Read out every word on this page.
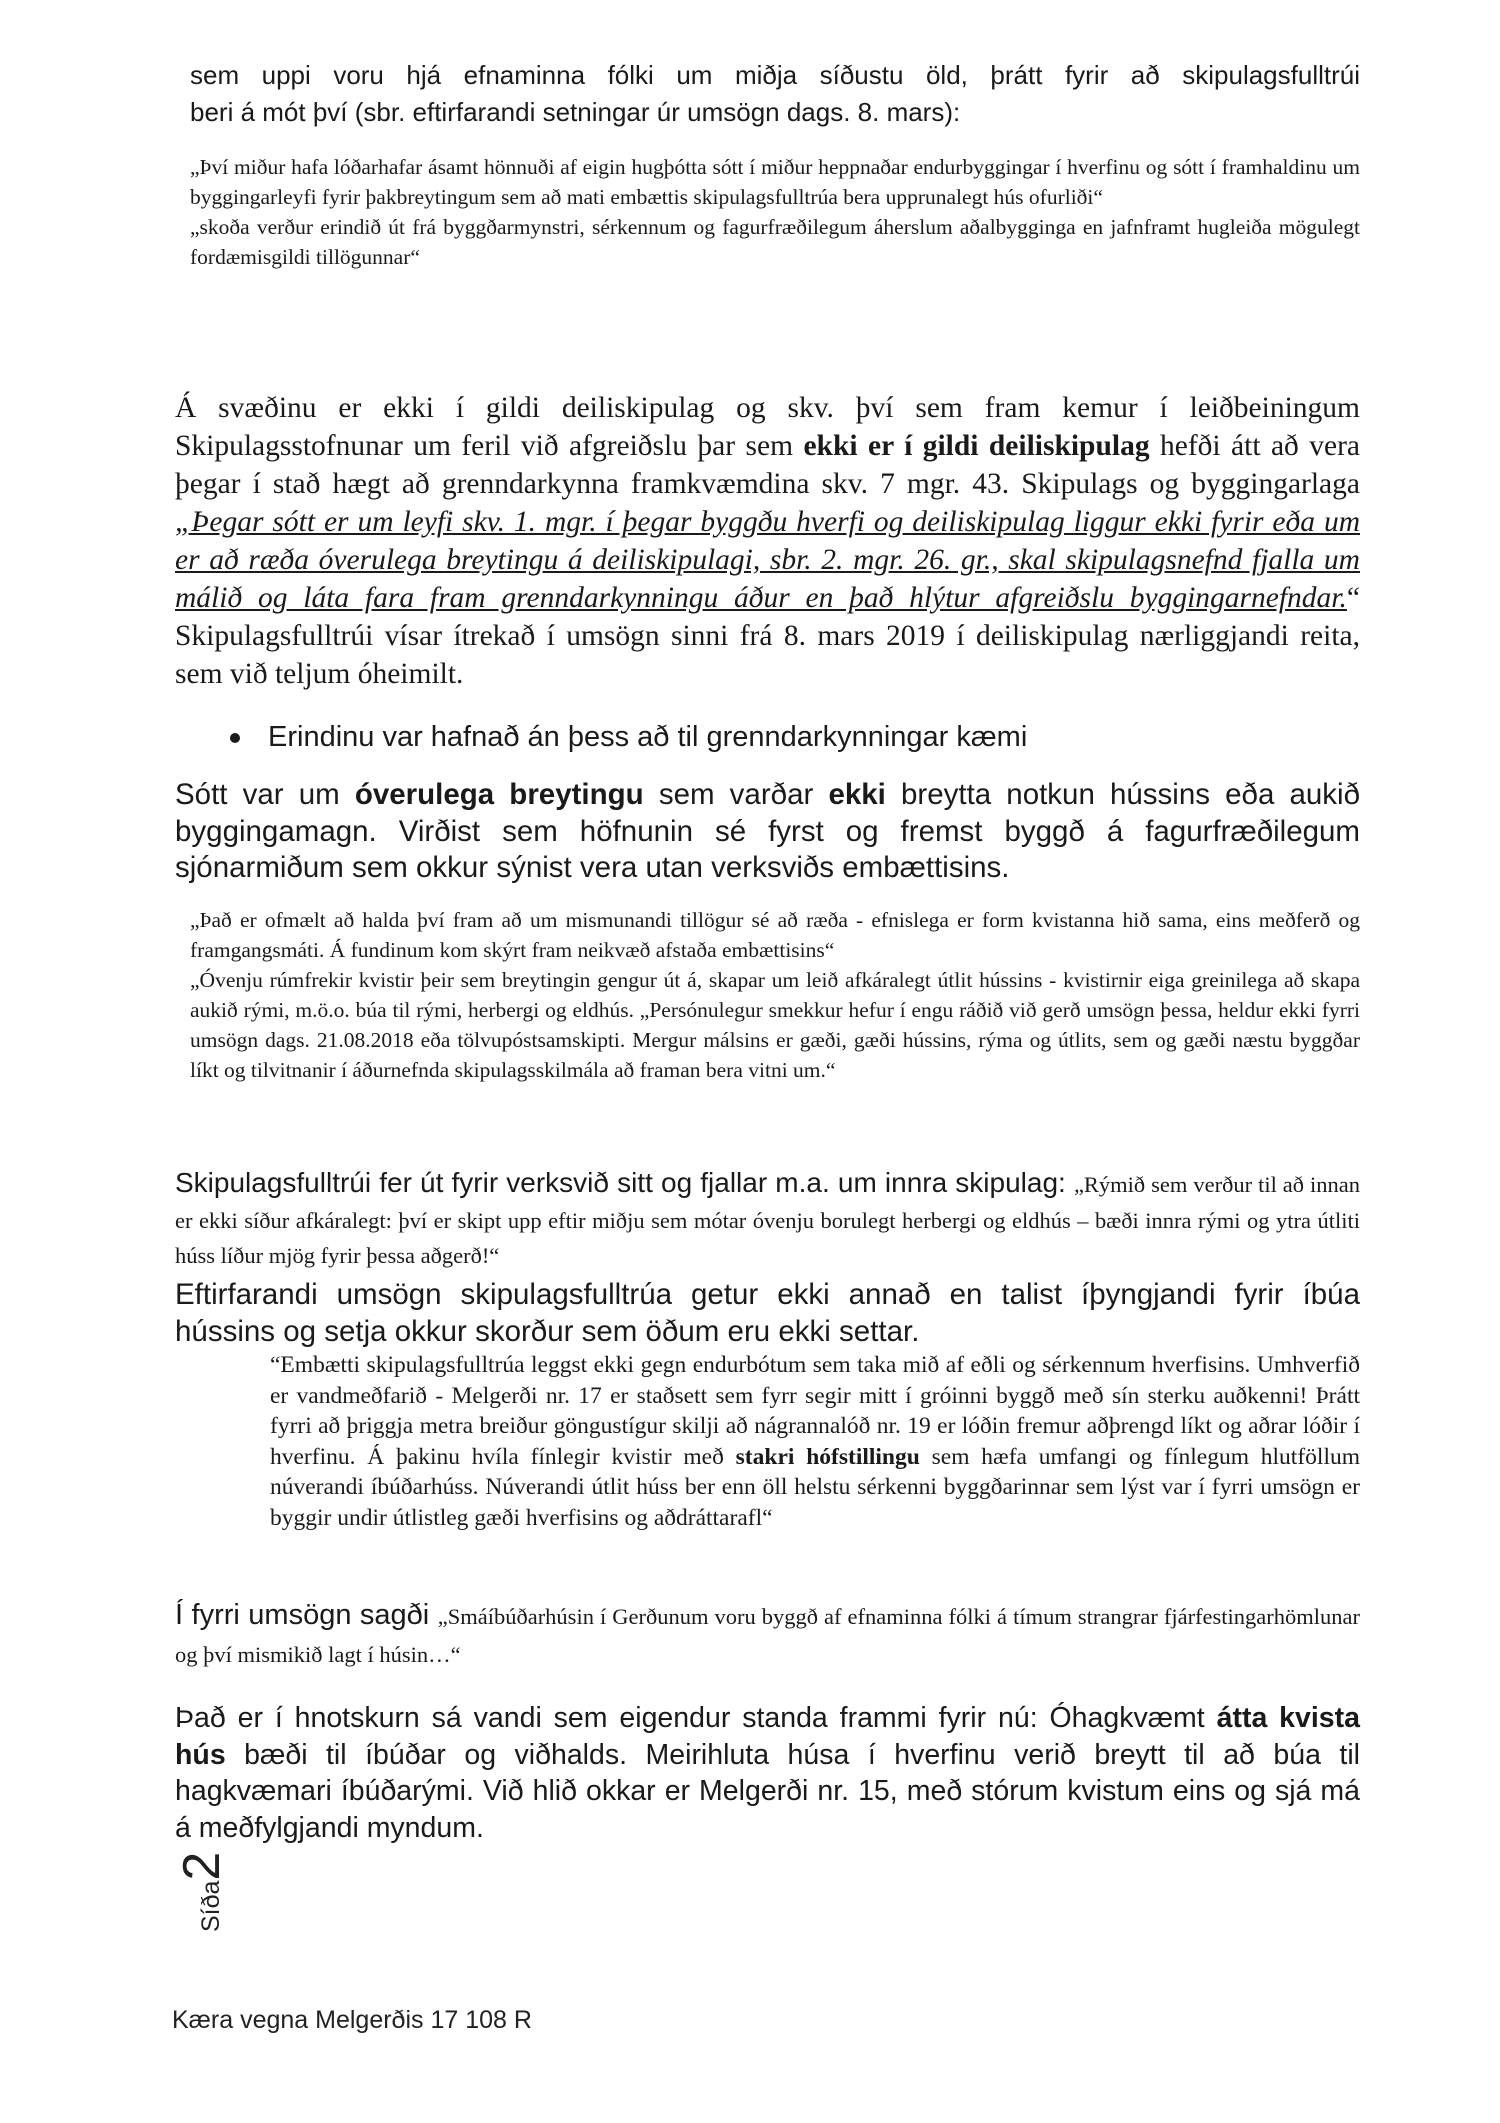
sem uppi voru hjá efnaminna fólki um miðja síðustu öld, þrátt fyrir að skipulagsfulltrúi

beri á mót því (sbr. eftirfarandi setningar úr umsögn dags. 8. mars):

„Því miður hafa lóðarhafar ásamt hönnuði af eigin hugþótta sótt í miður heppnaðar endurbyggingar í hverfinu og sótt í framhaldinu um byggingarleyfi fyrir þakbreytingum sem að mati embættis skipulagsfulltrúa bera upprunalegt hús ofurliði“

„skoða verður erindið út frá byggðarmynstri, sérkennum og fagurfræðilegum áherslum aðalbygginga en jafnframt hugleiða mögulegt fordæmisgildi tillögunnar“

Á svæðinu er ekki í gildi deiliskipulag og skv. því sem fram kemur í leiðbeiningum Skipulagsstofnunar um feril við afgreiðslu þar sem ekki er í gildi deiliskipulag hefði átt að vera þegar í stað hægt að grenndarkynna framkvæmdina skv. 7 mgr. 43. Skipulags og byggingarlaga „Þegar sótt er um leyfi skv. 1. mgr. í þegar byggðu hverfi og deiliskipulag liggur ekki fyrir eða um er að ræða óverulega breytingu á deiliskipulagi, sbr. 2. mgr. 26. gr., skal skipulagsnefnd fjalla um málið og láta fara fram grenndarkynningu áður en það hlýtur afgreiðslu byggingarnefndar.“ Skipulagsfulltrúi vísar ítrekað í umsögn sinni frá 8. mars 2019 í deiliskipulag nærliggjandi reita, sem við teljum óheimilt.
Erindinu var hafnað án þess að til grenndarkynningar kæmi
Sótt var um óverulega breytingu sem varðar ekki breytta notkun hússins eða aukið byggingamagn. Virðist sem höfnunin sé fyrst og fremst byggð á fagurfræðilegum sjónarmiðum sem okkur sýnist vera utan verksviðs embættisins.

„Það er ofmælt að halda því fram að um mismunandi tillögur sé að ræða - efnislega er form kvistanna hið sama, eins meðferð og framgangsmáti. Á fundinum kom skýrt fram neikvæð afstaða embættisins“

„Óvenju rúmfrekir kvistir þeir sem breytingin gengur út á, skapar um leið afkáralegt útlit hússins - kvistirnir eiga greinilega að skapa aukið rými, m.ö.o. búa til rými, herbergi og eldhús. „Persónulegur smekkur hefur í engu ráðið við gerð umsögn þessa, heldur ekki fyrri umsögn dags. 21.08.2018 eða tölvupóstsamskipti. Mergur málsins er gæði, gæði hússins, rýma og útlits, sem og gæði næstu byggðar líkt og tilvitnanir í áðurnefnda skipulagsskilmála að framan bera vitni um.“

Skipulagsfulltrúi fer út fyrir verksvið sitt og fjallar m.a. um innra skipulag: „Rýmið sem verður til að innan er ekki síður afkáralegt: því er skipt upp eftir miðju sem mótar óvenju borulegt herbergi og eldhús – bæði innra rými og ytra útliti húss líður mjög fyrir þessa aðgerð!“
Eftirfarandi umsögn skipulagsfulltrúa getur ekki annað en talist íþyngjandi fyrir íbúa hússins og setja okkur skorður sem öðum eru ekki settar.
“Embætti skipulagsfulltrúa leggst ekki gegn endurbótum sem taka mið af eðli og sérkennum hverfisins. Umhverfið er vandmeðfarið - Melgerði nr. 17 er staðsett sem fyrr segir mitt í gróinni byggð með sín sterku auðkenni! Þrátt fyrri að þriggja metra breiður göngustígur skilji að nágrannalóð nr. 19 er lóðin fremur aðþrengd líkt og aðrar lóðir í hverfinu. Á þakinu hvíla fínlegir kvistir með stakri hófstillingu sem hæfa umfangi og fínlegum hlutföllum núverandi íbúðarhúss. Núverandi útlit húss ber enn öll helstu sérkenni byggðarinnar sem lýst var í fyrri umsögn er byggir undir útlistleg gæði hverfisins og aðdráttarafl“
Í fyrri umsögn sagði „Smáíbúðarhúsin í Gerðunum voru byggð af efnaminna fólki á tímum strangrar fjárfestingarhömlunar og því mismikið lagt í húsin…“
Það er í hnotskurn sá vandi sem eigendur standa frammi fyrir nú: Óhagkvæmt átta kvista hús bæði til íbúðar og viðhalds. Meirihluta húsa í hverfinu verið breytt til að búa til hagkvæmari íbúðarými. Við hlið okkar er Melgerði nr. 15, með stórum kvistum eins og sjá má á meðfylgjandi myndum.
Síða2
Kæra vegna Melgerðis 17 108 R
